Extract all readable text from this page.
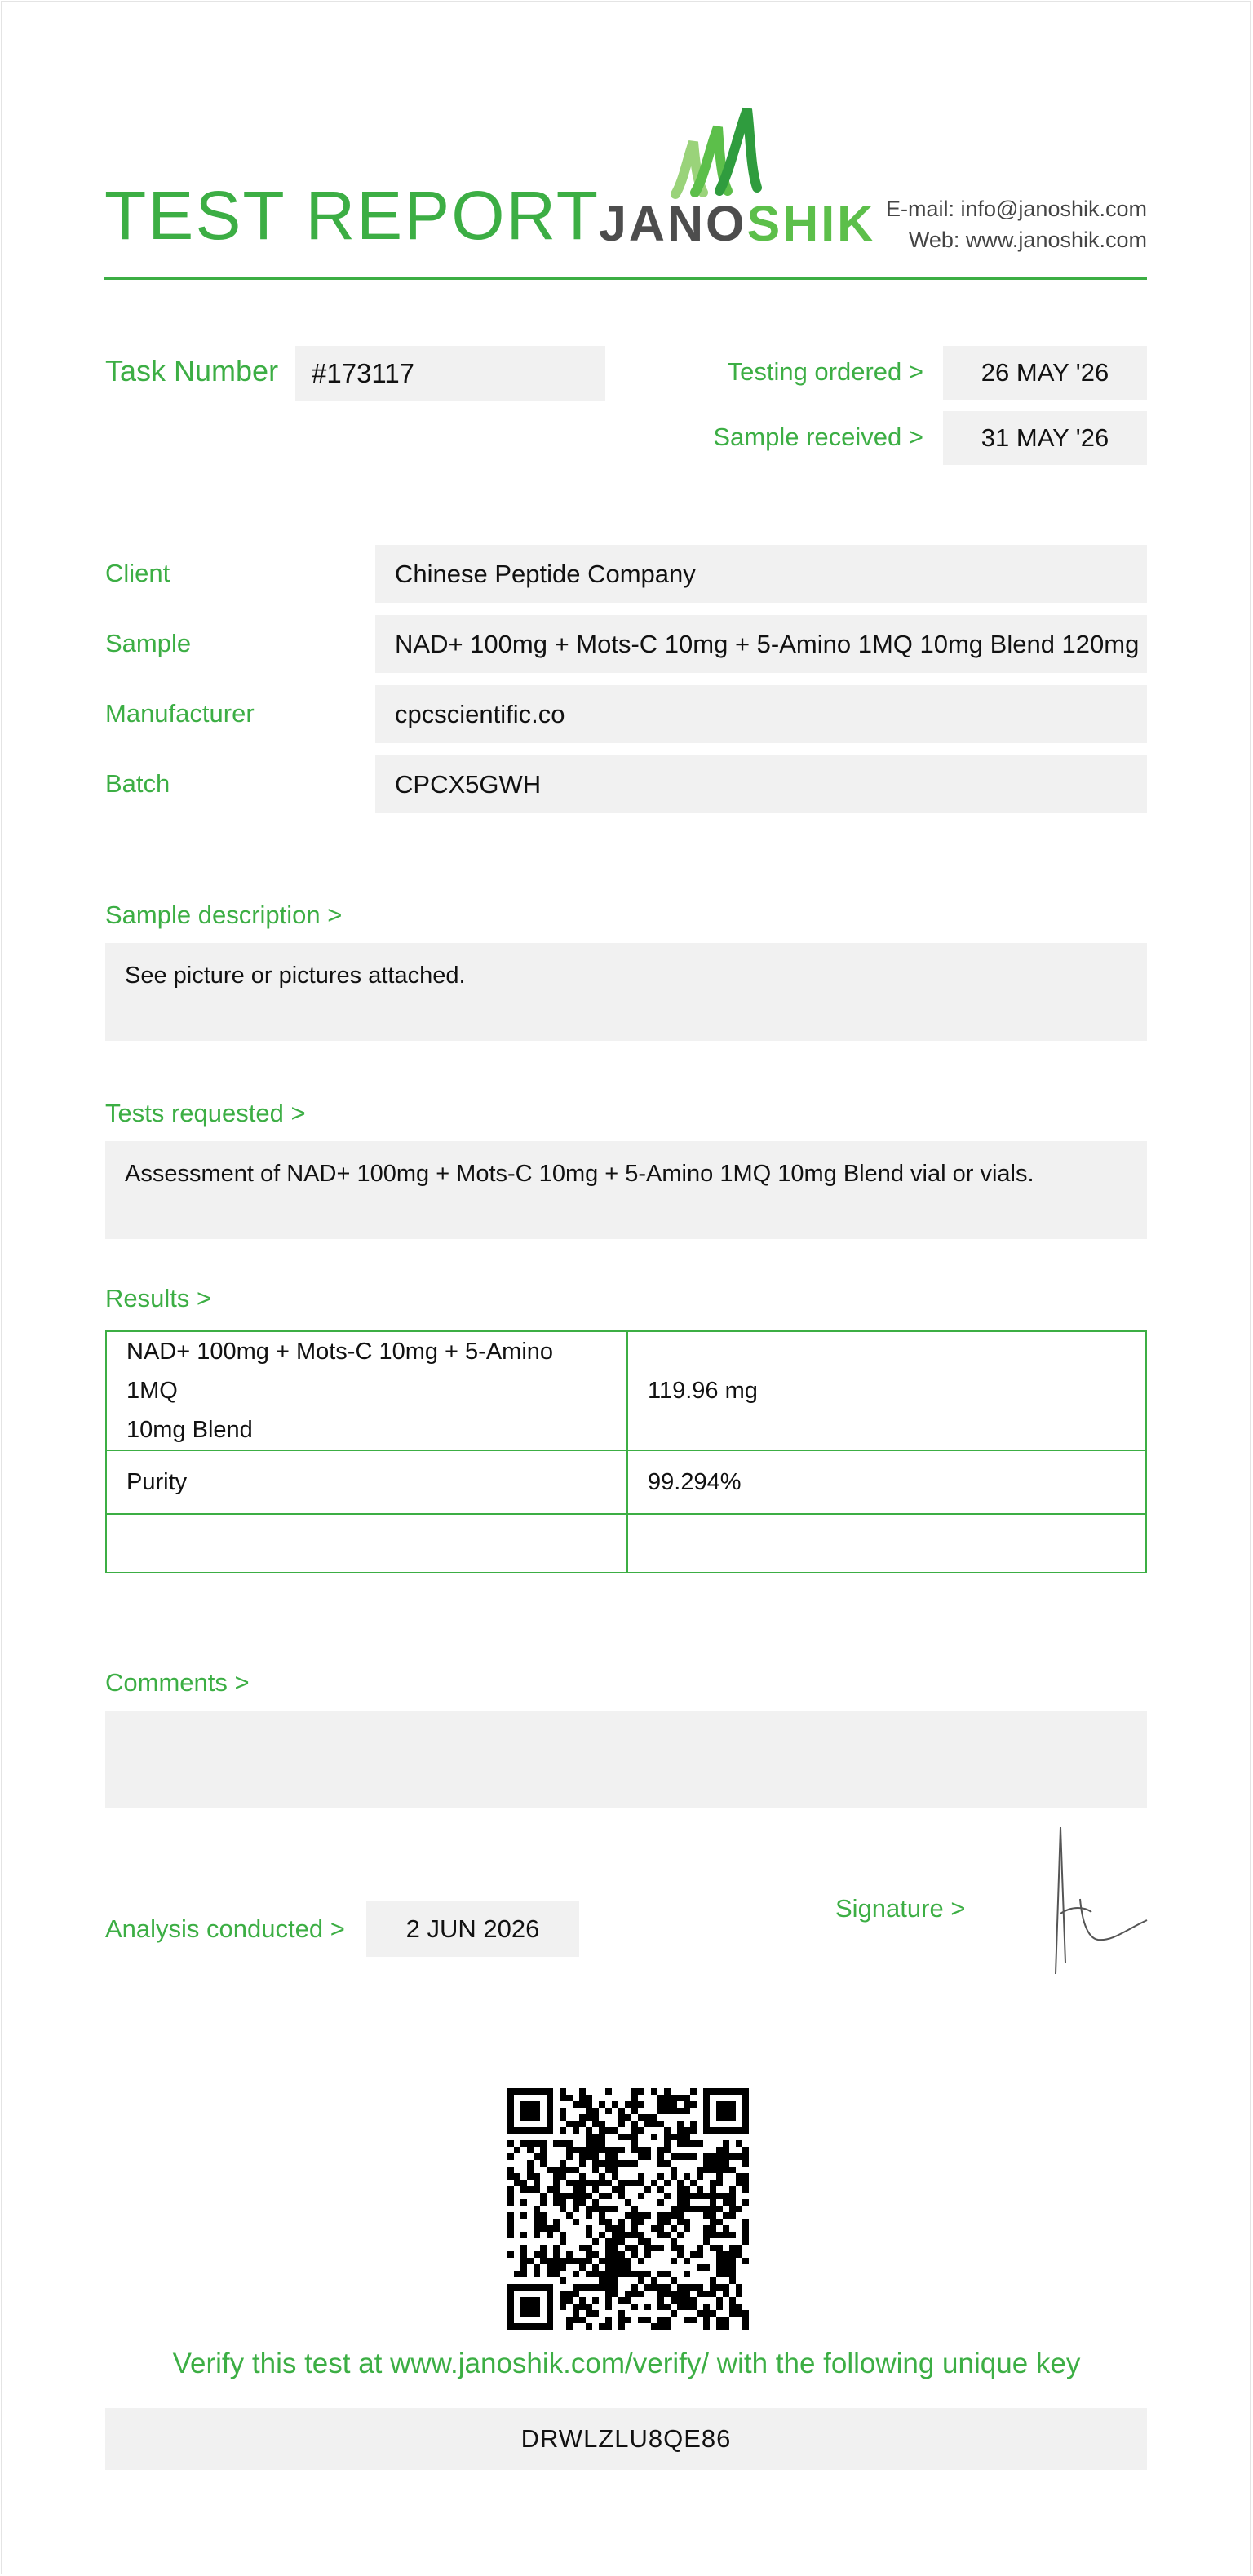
TEST REPORT
JANOSHIK E-mail: info@janoshik.com
Web: www.janoshik.com
Task Number	#173117	Testing ordered >	26 MAY '26
Sample received >	31 MAY '26
Client	Chinese Peptide Company
Sample	NAD+ 100mg + Mots-C 10mg + 5-Amino 1MQ 10mg Blend 120mg
Manufacturer	cpcscientific.co
Batch	CPCX5GWH
Sample description >
See picture or pictures attached.
Tests requested >
Assessment of NAD+ 100mg + Mots-C 10mg + 5-Amino 1MQ 10mg Blend vial or vials.
Results >
NAD+ 100mg + Mots-C 10mg + 5-Amino 1MQ
10mg Blend	119.96 mg
Purity	99.294%

Comments >
Analysis conducted >	2 JUN 2026
Signature >
Verify this test at www.janoshik.com/verify/ with the following unique key
DRWLZLU8QE86
